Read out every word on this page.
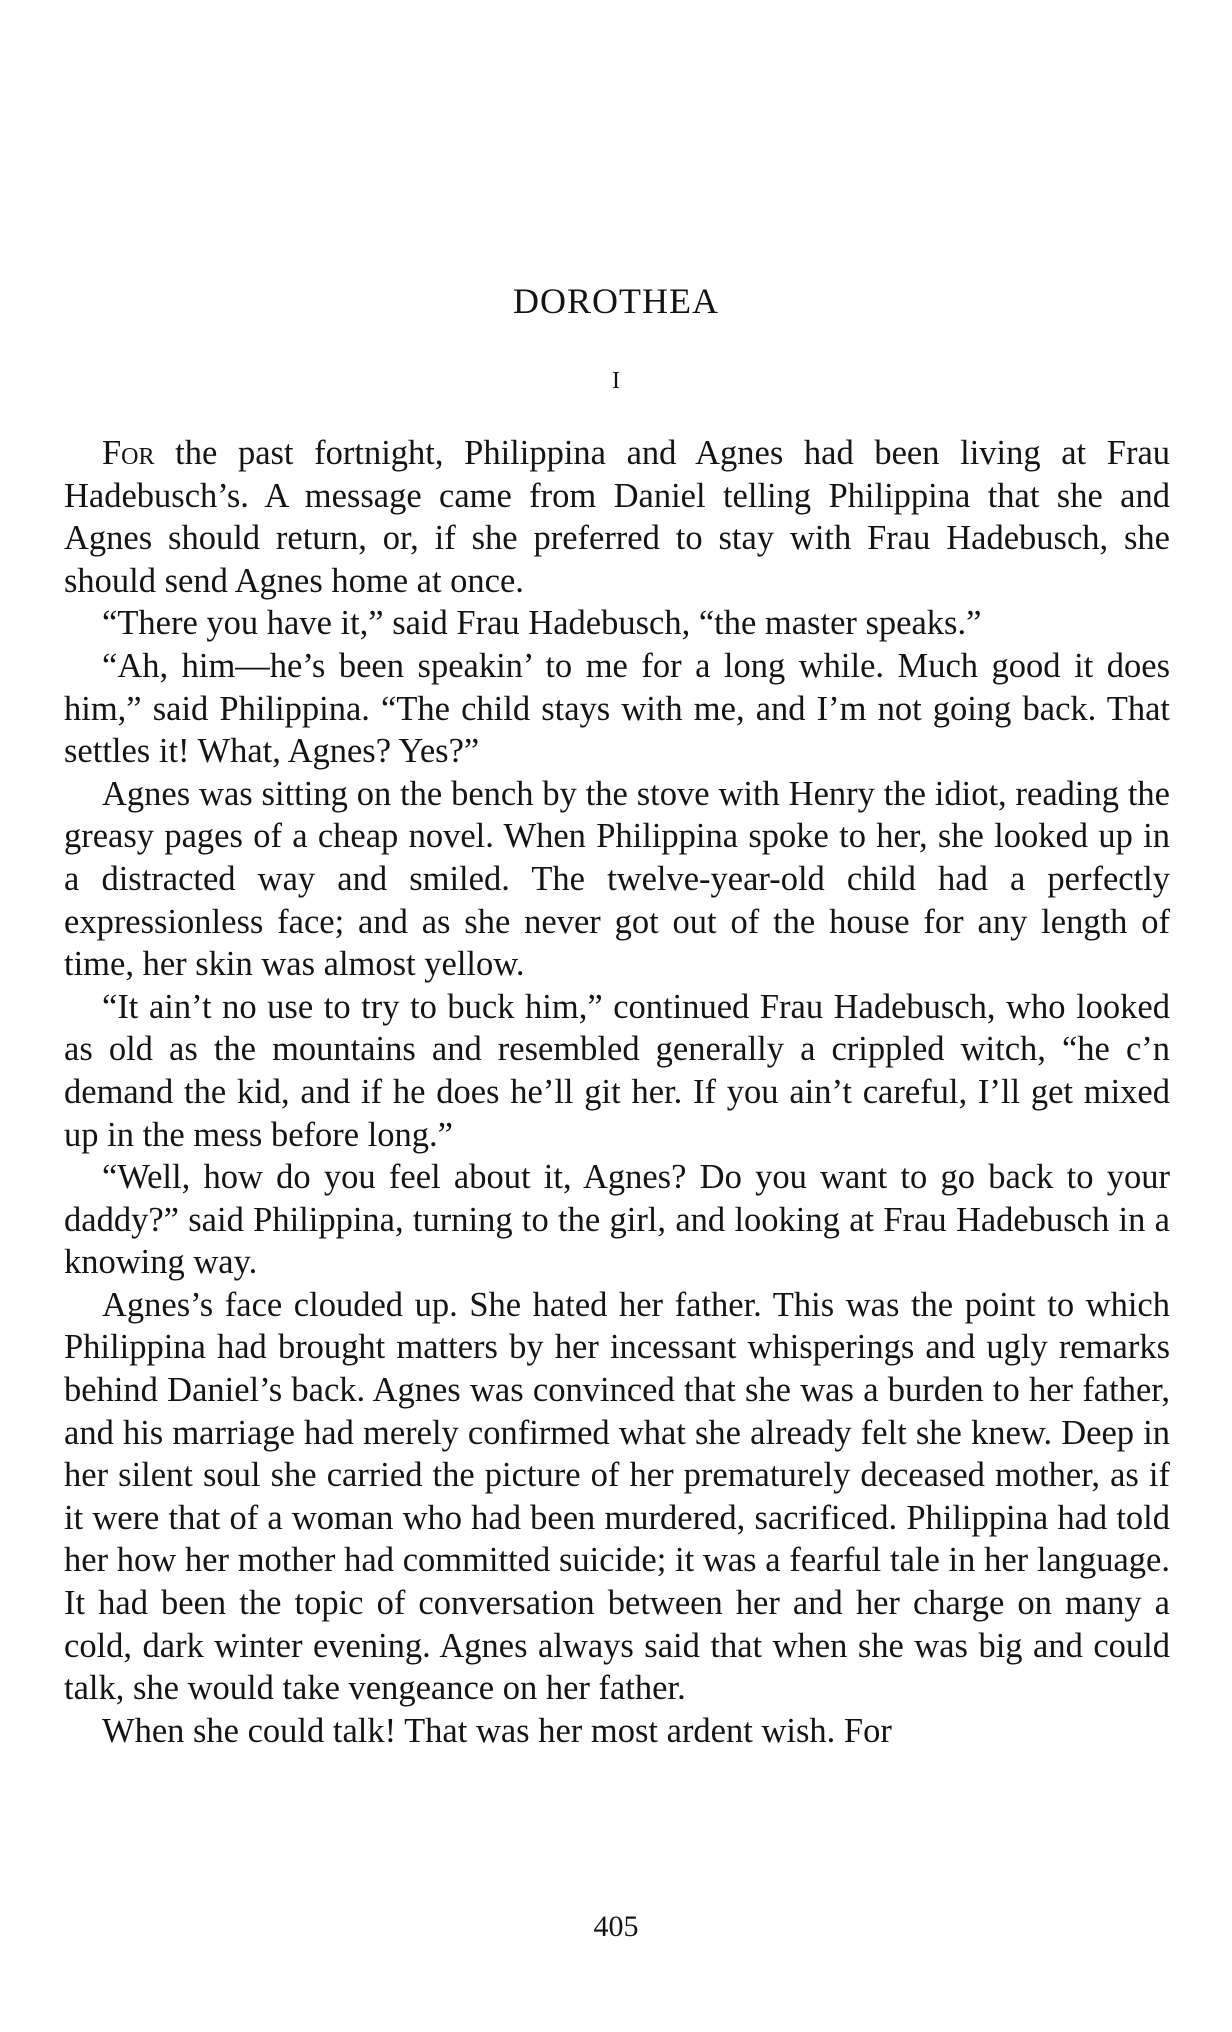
DOROTHEA

I

For the past fortnight, Philippina and Agnes had been living at Frau Hadebusch’s. A message came from Daniel telling Philippina that she and Agnes should return, or, if she preferred to stay with Frau Hadebusch, she should send Agnes home at once.

“There you have it,” said Frau Hadebusch, “the master speaks.”

“Ah, him—he’s been speakin’ to me for a long while. Much good it does him,” said Philippina. “The child stays with me, and I’m not going back. That settles it! What, Agnes? Yes?”

Agnes was sitting on the bench by the stove with Henry the idiot, reading the greasy pages of a cheap novel. When Philippina spoke to her, she looked up in a distracted way and smiled. The twelve-year-old child had a perfectly expressionless face; and as she never got out of the house for any length of time, her skin was almost yellow.

“It ain’t no use to try to buck him,” continued Frau Hadebusch, who looked as old as the mountains and resembled generally a crippled witch, “he c’n demand the kid, and if he does he’ll git her. If you ain’t careful, I’ll get mixed up in the mess before long.”

“Well, how do you feel about it, Agnes? Do you want to go back to your daddy?” said Philippina, turning to the girl, and looking at Frau Hadebusch in a knowing way.

Agnes’s face clouded up. She hated her father. This was the point to which Philippina had brought matters by her incessant whisperings and ugly remarks behind Daniel’s back. Agnes was convinced that she was a burden to her father, and his marriage had merely confirmed what she already felt she knew. Deep in her silent soul she carried the picture of her prematurely deceased mother, as if it were that of a woman who had been murdered, sacrificed. Philippina had told her how her mother had committed suicide; it was a fearful tale in her language. It had been the topic of conversation between her and her charge on many a cold, dark winter evening. Agnes always said that when she was big and could talk, she would take vengeance on her father.

When she could talk! That was her most ardent wish. For

405
